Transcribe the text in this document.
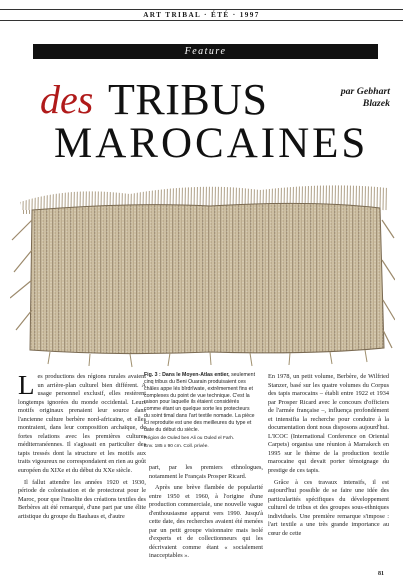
ART TRIBAL · ÉTÉ · 1997
Feature
des TRIBUS
MAROCAINES
par Gebhart
Blazek
Fig. 3 : Dans le Moyen-Atlas entier, seulement cinq tribus du Beni Ouarain produisaient ces châles appe lés bîrdrîwate, extrêmement fins et complexes du point de vue technique. C'est la raison pour laquelle ils étaient considérés comme étant un quelque sorte les protecteurs du soint timal dans l'art textile nomade. La pièce ici reproduite est une des meilleures du type et date du début du siècle.
Région de Ouled ben Ali ou Ouled el Farh.
Env. 185 x 90 cm. Coll. privée.

Les productions des régions rurales avaient un arrière-plan culturel bien différent. A usage personnel exclusif, elles restèrent longtemps ignorées du monde occidental. Leurs motifs originaux prenaient leur source dans l'ancienne culture berbère nord-africaine, et elles montraient, dans leur composition archaïque, de fortes relations avec les premières cultures méditerranéennes. Il s'agissait en particulier des tapis tressés dont la structure et les motifs aux traits vigoureux ne correspondaient en rien au goût européen du XIXe et du début du XXe siècle.

Il fallut attendre les années 1920 et 1930, période de colonisation et de protectorat pour le Maroc, pour que l'insolite des créations textiles des Berbères ait été remarqué, d'une part par une élite artistique du groupe du Bauhaus et, d'autre

part, par les premiers ethnologues, notamment le Français Prosper Ricard.

Après une brève flambée de popularité entre 1950 et 1960, à l'origine d'une production commerciale, une nouvelle vague d'enthousiasme apparut vers 1990. Jusqu'à cette date, des recherches avaient été menées par un petit groupe visionnaire mais isolé d'experts et de collectionneurs qui les décrivaient comme étant « socialement inacceptables ».

En 1978, un petit volume, Berbère, de Wilfried Stanzer, basé sur les quatre volumes du Corpus des tapis marocains – établi entre 1922 et 1934 par Prosper Ricard avec le concours d'officiers de l'armée française –, influença profondément et intensifia la recherche pour conduire à la documentation dont nous disposons aujourd'hui. L'ICOC (International Conference on Oriental Carpets) organisa une réunion à Marrakech en 1995 sur le thème de la production textile marocaine qui devait porter témoignage du prestige de ces tapis.

Grâce à ces travaux intensifs, il est aujourd'hui possible de se faire une idée des particularités spécifiques du développement culturel de tribus et des groupes sous-ethniques individuels. Une première remarque s'impose : l'art textile a une très grande importance au cœur de cette

81
